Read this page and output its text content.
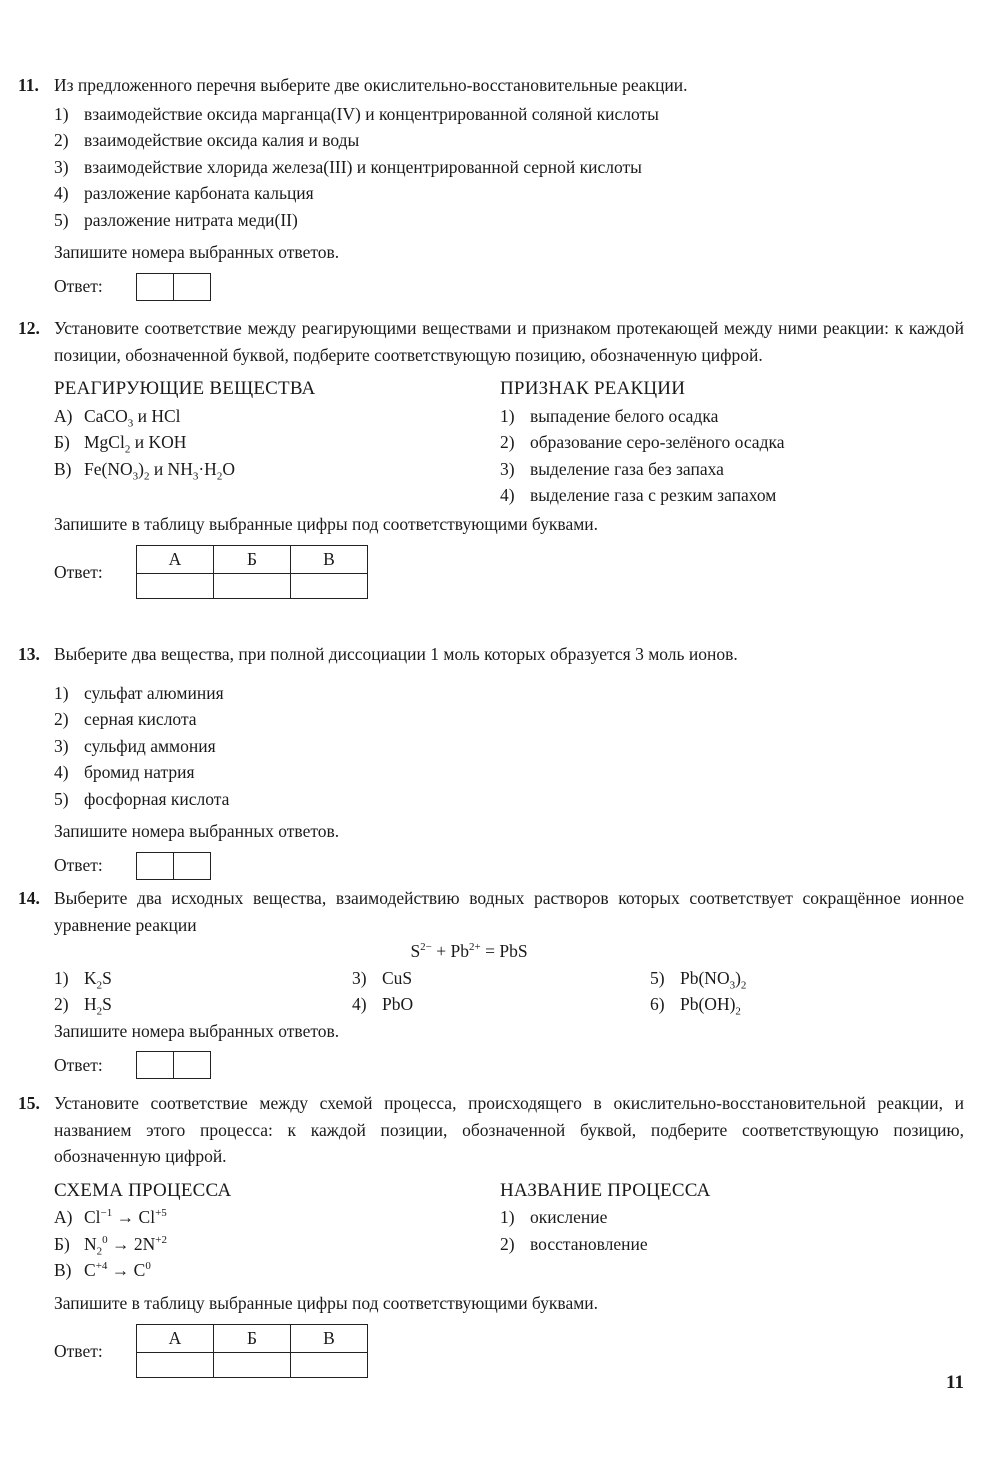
11. Из предложенного перечня выберите две окислительно-восстановительные реакции.
1) взаимодействие оксида марганца(IV) и концентрированной соляной кислоты
2) взаимодействие оксида калия и воды
3) взаимодействие хлорида железа(III) и концентрированной серной кислоты
4) разложение карбоната кальция
5) разложение нитрата меди(II)
Запишите номера выбранных ответов.
Ответ:
12. Установите соответствие между реагирующими веществами и признаком протекающей между ними реакции: к каждой позиции, обозначенной буквой, подберите соответствующую позицию, обозначенную цифрой.
РЕАГИРУЮЩИЕ ВЕЩЕСТВА
А) CaCO$_3$ и HCl
Б) MgCl$_2$ и KOH
В) $Fe(NO_3)_2$ и $NH_3\cdot H_2O$
ПРИЗНАК РЕАКЦИИ
1) выпадение белого осадка
2) образование серо-зелёного осадка
3) выделение газа без запаха
4) выделение газа с резким запахом
Запишите в таблицу выбранные цифры под соответствующими буквами.
Ответ:
А	Б	В

13. Выберите два вещества, при полной диссоциации 1 моль которых образуется 3 моль ионов.
1) сульфат алюминия
2) серная кислота
3) сульфид аммония
4) бромид натрия
5) фосфорная кислота
Запишите номера выбранных ответов.
Ответ:
14. Выберите два исходных вещества, взаимодействию водных растворов которых соответствует сокращённое ионное уравнение реакции
$S^{2-} + Pb^{2+}$ = PbS
1) $K_2S$	3) CuS	5) $Pb(NO_3)_2$
2) $H_2S$	4) PbO	6) $Pb(OH)_2$
Запишите номера выбранных ответов.
Ответ:
15. Установите соответствие между схемой процесса, происходящего в окислительно-восстановительной реакции, и названием этого процесса: к каждой позиции, обозначенной буквой, подберите соответствующую позицию, обозначенную цифрой.
СХЕМА ПРОЦЕССА
А) $Cl^{-1} \to Cl^{+5}$
Б) $N_2^0 \to 2N^{+2}$
В) $C^{+4} \to C^0$
НАЗВАНИЕ ПРОЦЕССА
1) окисление
2) восстановление
Запишите в таблицу выбранные цифры под соответствующими буквами.
Ответ:
А	Б	В

11
